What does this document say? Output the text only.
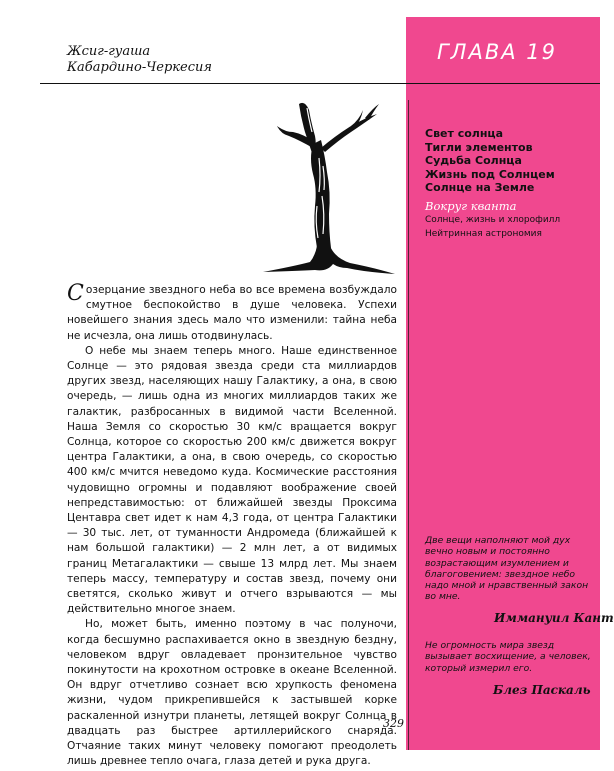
Жсиг-гуаша
Кабардино-Черкесия
ГЛАВА 19
Свет солнца
Тигли элементов
Судьба Солнца
Жизнь под Солнцем
Солнце на Земле
Вокруг кванта
Солнце, жизнь и хлорофилл
Нейтринная астрономия

Созерцание звездного неба во все времена возбуждало смутное беспокойство в душе человека. Успехи новейшего знания здесь мало что изменили: тайна неба не исчезла, она лишь отодвинулась.

О небе мы знаем теперь много. Наше единственное Солнце — это рядовая звезда среди ста миллиардов других звезд, населяющих нашу Галактику, а она, в свою очередь, — лишь одна из многих миллиардов таких же галактик, разбросанных в видимой части Вселенной. Наша Земля со скоростью 30 км/с вращается вокруг Солнца, которое со скоростью 200 км/с движется вокруг центра Галактики, а она, в свою очередь, со скоростью 400 км/с мчится неведомо куда. Космические расстояния чудовищно огромны и подавляют воображение своей непредставимостью: от ближайшей звезды Проксима Центавра свет идет к нам 4,3 года, от центра Галактики — 30 тыс. лет, от туманности Андромеда (ближайшей к нам большой галактики) — 2 млн лет, а от видимых границ Метагалактики — свыше 13 млрд лет. Мы знаем теперь массу, температуру и состав звезд, почему они светятся, сколько живут и отчего взрываются — мы действительно многое знаем.

Но, может быть, именно поэтому в час полуночи, когда бесшумно распахивается окно в звездную бездну, человеком вдруг овладевает пронзительное чувство покинутости на крохотном островке в океане Вселенной. Он вдруг отчетливо сознает всю хрупкость феномена жизни, чудом прикрепившейся к застывшей корке раскаленной изнутри планеты, летящей вокруг Солнца в двадцать раз быстрее артиллерийского снаряда. Отчаяние таких минут человеку помогают преодолеть лишь древнее тепло очага, глаза детей и рука друга.

Две вещи наполняют мой дух вечно новым и постоянно возрастающим изумлением и благоговением: звездное небо надо мной и нравственный закон во мне.
Иммануил Кант
Не огромность мира звезд вызывает восхищение, а человек, который измерил его.
Блез Паскаль
329
